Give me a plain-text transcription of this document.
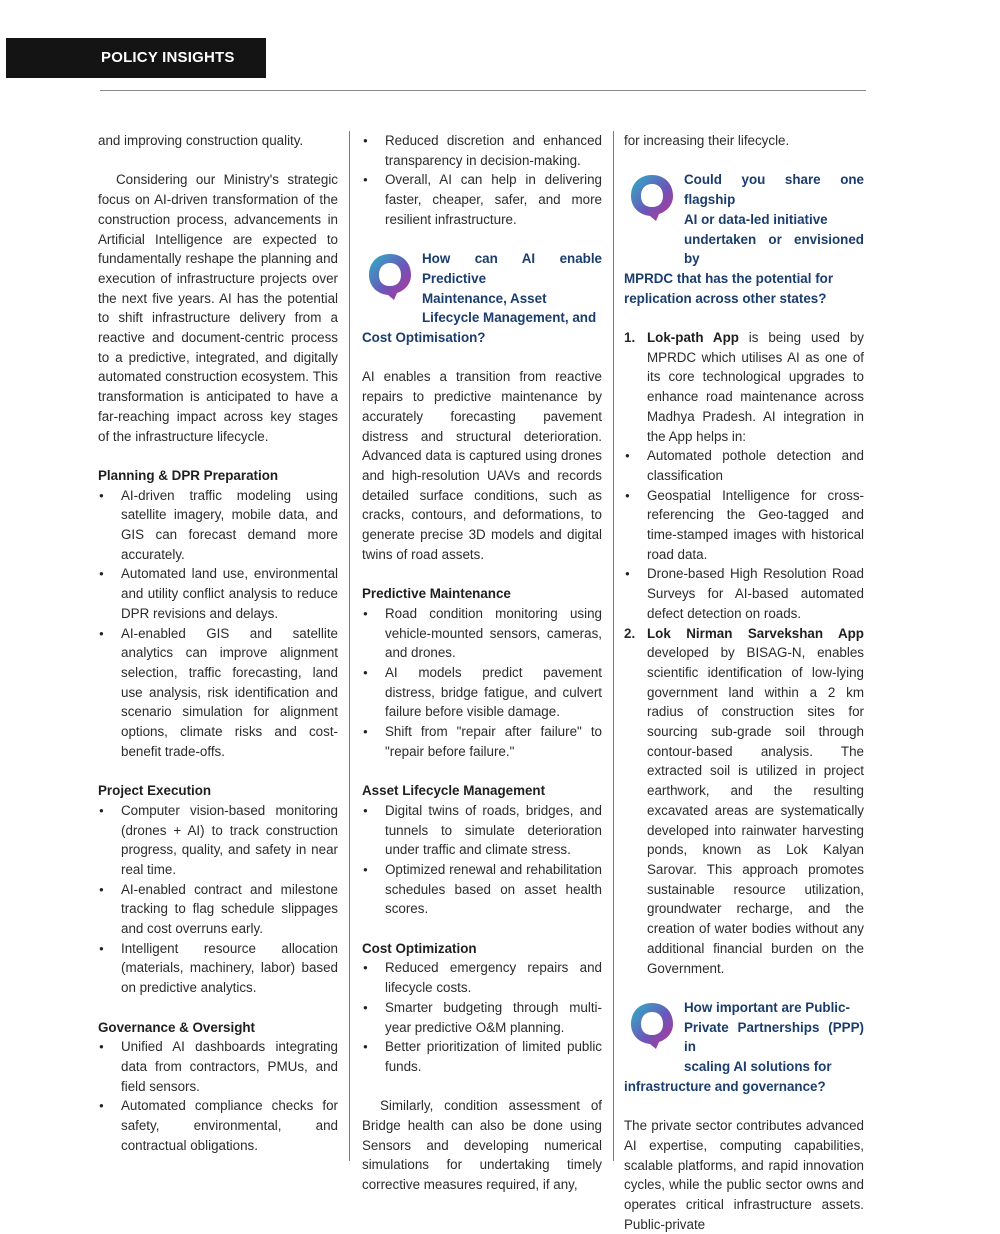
POLICY INSIGHTS

and improving construction quality.

Considering our Ministry's strategic focus on AI-driven transformation of the construction process, advancements in Artificial Intelligence are expected to fundamentally reshape the planning and execution of infrastructure projects over the next five years. AI has the potential to shift infrastructure delivery from a reactive and document-centric process to a predictive, integrated, and digitally automated construction ecosystem. This transformation is anticipated to have a far-reaching impact across key stages of the infrastructure lifecycle.

Planning & DPR Preparation

● AI-driven traffic modeling using satellite imagery, mobile data, and GIS can forecast demand more accurately.

● Automated land use, environmental and utility conflict analysis to reduce DPR revisions and delays.

● AI-enabled GIS and satellite analytics can improve alignment selection, traffic forecasting, land use analysis, risk identification and scenario simulation for alignment options, climate risks and cost-benefit trade-offs.

Project Execution

● Computer vision-based monitoring (drones + AI) to track construction progress, quality, and safety in near real time.

● AI-enabled contract and milestone tracking to flag schedule slippages and cost overruns early.

● Intelligent resource allocation (materials, machinery, labor) based on predictive analytics.

Governance & Oversight

● Unified AI dashboards integrating data from contractors, PMUs, and field sensors.

● Automated compliance checks for safety, environmental, and contractual obligations.

● Reduced discretion and enhanced transparency in decision-making.

● Overall, AI can help in delivering faster, cheaper, safer, and more resilient infrastructure.

How can AI enable Predictive

Maintenance, Asset

Lifecycle Management, and

Cost Optimisation?

AI enables a transition from reactive repairs to predictive maintenance by accurately forecasting pavement distress and structural deterioration. Advanced data is captured using drones and high-resolution UAVs and records detailed surface conditions, such as cracks, contours, and deformations, to generate precise 3D models and digital twins of road assets.

Predictive Maintenance

● Road condition monitoring using vehicle-mounted sensors, cameras, and drones.

● AI models predict pavement distress, bridge fatigue, and culvert failure before visible damage.

● Shift from "repair after failure" to "repair before failure."

Asset Lifecycle Management

● Digital twins of roads, bridges, and tunnels to simulate deterioration under traffic and climate stress.

● Optimized renewal and rehabilitation schedules based on asset health scores.

Cost Optimization

● Reduced emergency repairs and lifecycle costs.

● Smarter budgeting through multi-year predictive O&M planning.

● Better prioritization of limited public funds.

Similarly, condition assessment of Bridge health can also be done using Sensors and developing numerical simulations for undertaking timely corrective measures required, if any,

for increasing their lifecycle.

Could you share one flagship

AI or data-led initiative

undertaken or envisioned by

MPRDC that has the potential for

replication across other states?

1. Lok-path App is being used by MPRDC which utilises AI as one of its core technological upgrades to enhance road maintenance across Madhya Pradesh. AI integration in the App helps in:

● Automated pothole detection and classification

● Geospatial Intelligence for cross-referencing the Geo-tagged and time-stamped images with historical road data.

● Drone-based High Resolution Road Surveys for AI-based automated defect detection on roads.

2. Lok Nirman Sarvekshan App developed by BISAG-N, enables scientific identification of low-lying government land within a 2 km radius of construction sites for sourcing sub-grade soil through contour-based analysis. The extracted soil is utilized in project earthwork, and the resulting excavated areas are systematically developed into rainwater harvesting ponds, known as Lok Kalyan Sarovar. This approach promotes sustainable resource utilization, groundwater recharge, and the creation of water bodies without any additional financial burden on the Government.

How important are Public-

Private Partnerships (PPP) in

scaling AI solutions for

infrastructure and governance?

The private sector contributes advanced AI expertise, computing capabilities, scalable platforms, and rapid innovation cycles, while the public sector owns and operates critical infrastructure assets. Public-private
